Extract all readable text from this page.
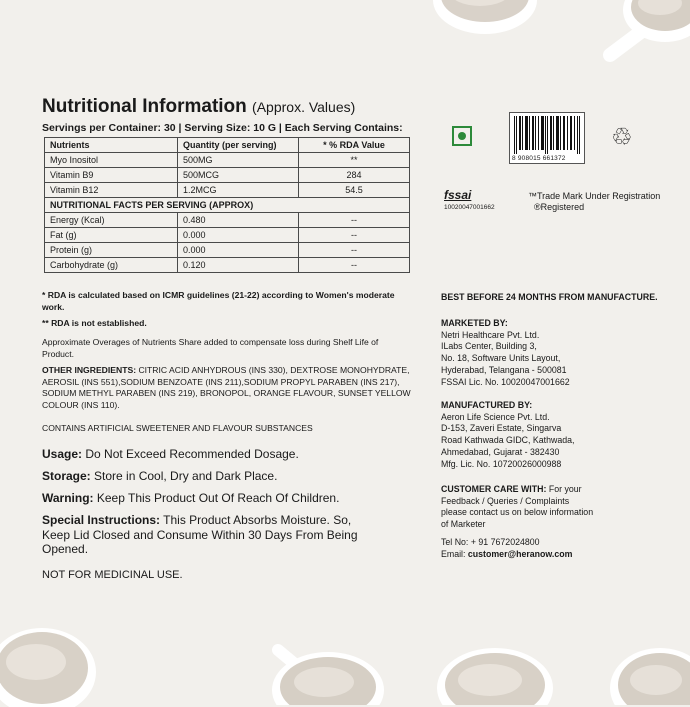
Nutritional Information (Approx. Values)
Servings per Container: 30 | Serving Size: 10 G | Each Serving Contains:
Nutrients	Quantity (per serving)	* % RDA Value
Myo Inositol	500MG	**
Vitamin B9	500MCG	284
Vitamin B12	1.2MCG	54.5
NUTRITIONAL FACTS PER SERVING (APPROX)		
Energy (Kcal)	0.480	--
Fat (g)	0.000	--
Protein (g)	0.000	--
Carbohydrate (g)	0.120	--
* RDA is calculated based on ICMR guidelines (21-22) according to Women's moderate work.
** RDA is not established.
Approximate Overages of Nutrients Share added to compensate loss during Shelf Life of Product.
OTHER INGREDIENTS: CITRIC ACID ANHYDROUS (INS 330), DEXTROSE MONOHYDRATE, AEROSIL (INS 551),SODIUM BENZOATE (INS 211),SODIUM PROPYL PARABEN (INS 217), SODIUM METHYL PARABEN (INS 219), BRONOPOL, ORANGE FLAVOUR, SUNSET YELLOW COLOUR (INS 110).
CONTAINS ARTIFICIAL SWEETENER AND FLAVOUR SUBSTANCES
Usage: Do Not Exceed Recommended Dosage.
Storage: Store in Cool, Dry and Dark Place.
Warning: Keep This Product Out Of Reach Of Children.
Special Instructions: This Product Absorbs Moisture. So, Keep Lid Closed and Consume Within 30 Days From Being Opened.
NOT FOR MEDICINAL USE.
8 908015 661372
♲
fssai
10020047001662
™Trade Mark Under Registration
®Registered
BEST BEFORE 24 MONTHS FROM MANUFACTURE.
MARKETED BY:
Netri Healthcare Pvt. Ltd.
ILabs Center, Building 3,
No. 18, Software Units Layout,
Hyderabad, Telangana - 500081
FSSAI Lic. No. 10020047001662
MANUFACTURED BY:
Aeron Life Science Pvt. Ltd.
D-153, Zaveri Estate, Singarva
Road Kathwada GIDC, Kathwada,
Ahmedabad, Gujarat - 382430
Mfg. Lic. No. 10720026000988
CUSTOMER CARE WITH: For your
Feedback / Queries / Complaints
please contact us on below information
of Marketer
Tel No: + 91 7672024800
Email: customer@heranow.com
